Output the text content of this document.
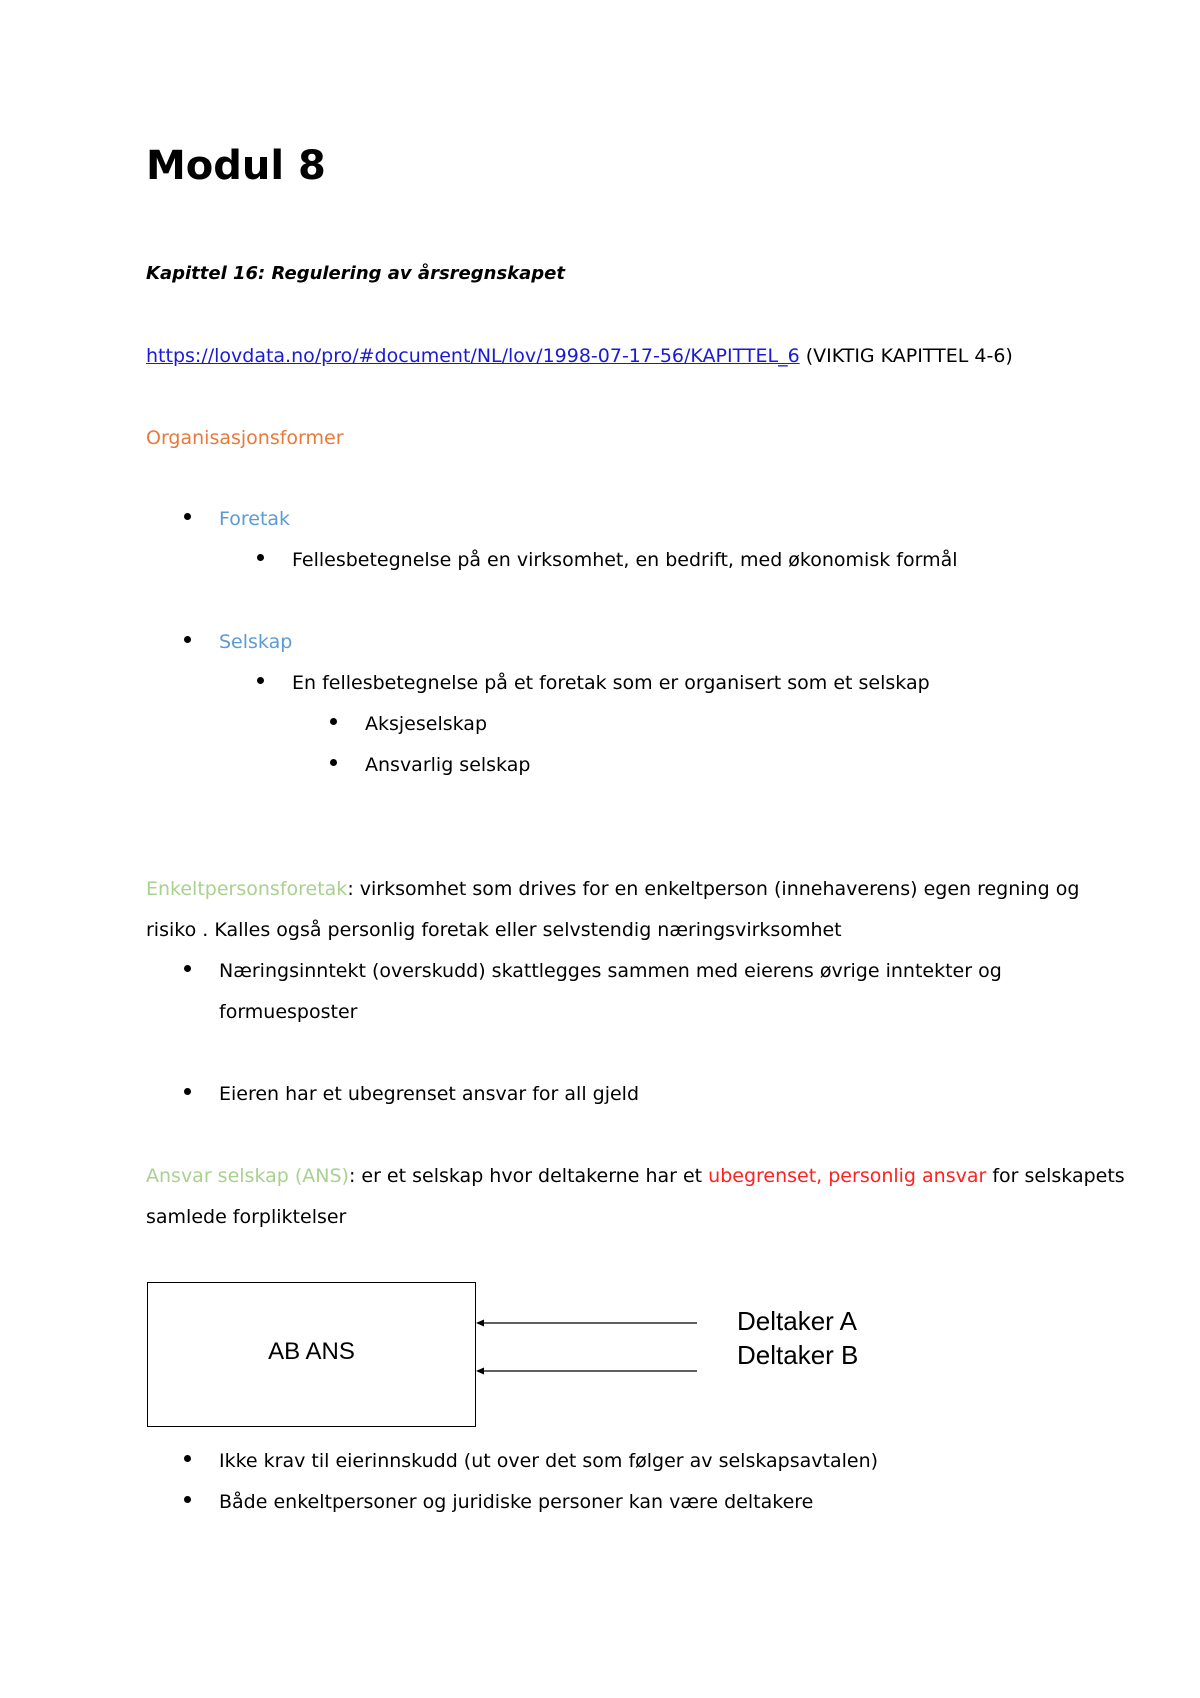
Modul 8
Kapittel 16: Regulering av årsregnskapet
https://lovdata.no/pro/#document/NL/lov/1998-07-17-56/KAPITTEL_6 (VIKTIG KAPITTEL 4-6)
Organisasjonsformer
Foretak
Fellesbetegnelse på en virksomhet, en bedrift, med økonomisk formål
Selskap
En fellesbetegnelse på et foretak som er organisert som et selskap
Aksjeselskap
Ansvarlig selskap
Enkeltpersonsforetak: virksomhet som drives for en enkeltperson (innehaverens) egen regning og
risiko . Kalles også personlig foretak eller selvstendig næringsvirksomhet
Næringsinntekt (overskudd) skattlegges sammen med eierens øvrige inntekter og
formuesposter
Eieren har et ubegrenset ansvar for all gjeld
Ansvar selskap (ANS): er et selskap hvor deltakerne har et ubegrenset, personlig ansvar for selskapets
samlede forpliktelser
AB ANS
Deltaker A
Deltaker B
Ikke krav til eierinnskudd (ut over det som følger av selskapsavtalen)
Både enkeltpersoner og juridiske personer kan være deltakere
